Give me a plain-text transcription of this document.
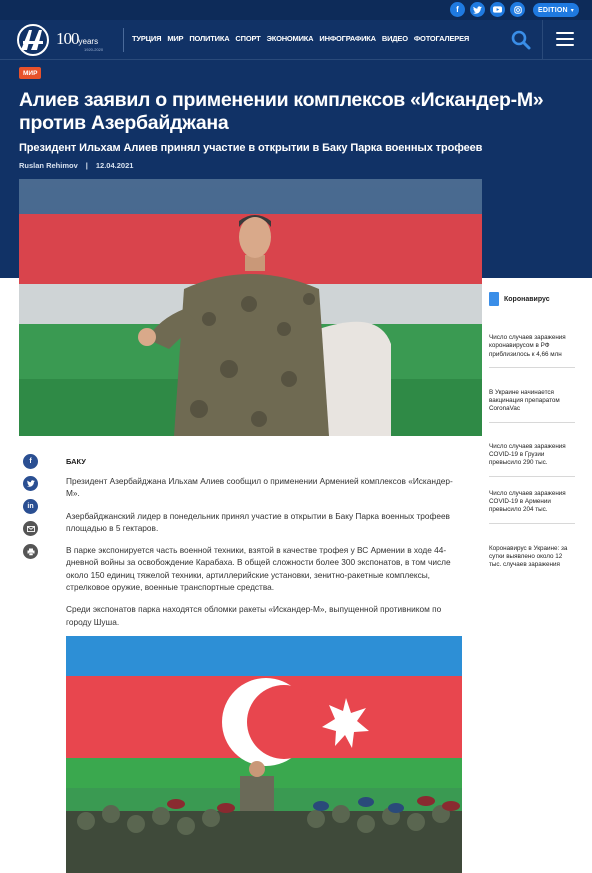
f	EDITION ▾
100years
1920-2020
ТУРЦИЯ МИР ПОЛИТИКА СПОРТ ЭКОНОМИКА ИНФОГРАФИКА ВИДЕО ФОТОГАЛЕРЕЯ
МИР
Алиев заявил о применении комплексов «Искандер-М» против Азербайджана
Президент Ильхам Алиев принял участие в открытии в Баку Парка военных трофеев
Ruslan Rehimov | 12.04.2021
f
in
БАКУ

Президент Азербайджана Ильхам Алиев сообщил о применении Арменией комплексов «Искандер-М».

Азербайджанский лидер в понедельник принял участие в открытии в Баку Парка военных трофеев площадью в 5 гектаров.

В парке экспонируется часть военной техники, взятой в качестве трофея у ВС Армении в ходе 44-дневной войны за освобождение Карабаха. В общей сложности более 300 экспонатов, в том числе около 150 единиц тяжелой техники, артиллерийские установки, зенитно-ракетные комплексы, стрелковое оружие, военные транспортные средства.

Среди экспонатов парка находятся обломки ракеты «Искандер-М», выпущенной противником по городу Шуша.

Коронавирус
Число случаев заражения коронавирусом в РФ приблизилось к 4,66 млн
В Украине начинается вакцинация препаратом CoronaVac
Число случаев заражения COVID-19 в Грузии превысило 290 тыс.
Число случаев заражения COVID-19 в Армении превысило 204 тыс.
Коронавирус в Украине: за сутки выявлено около 12 тыс. случаев заражения
